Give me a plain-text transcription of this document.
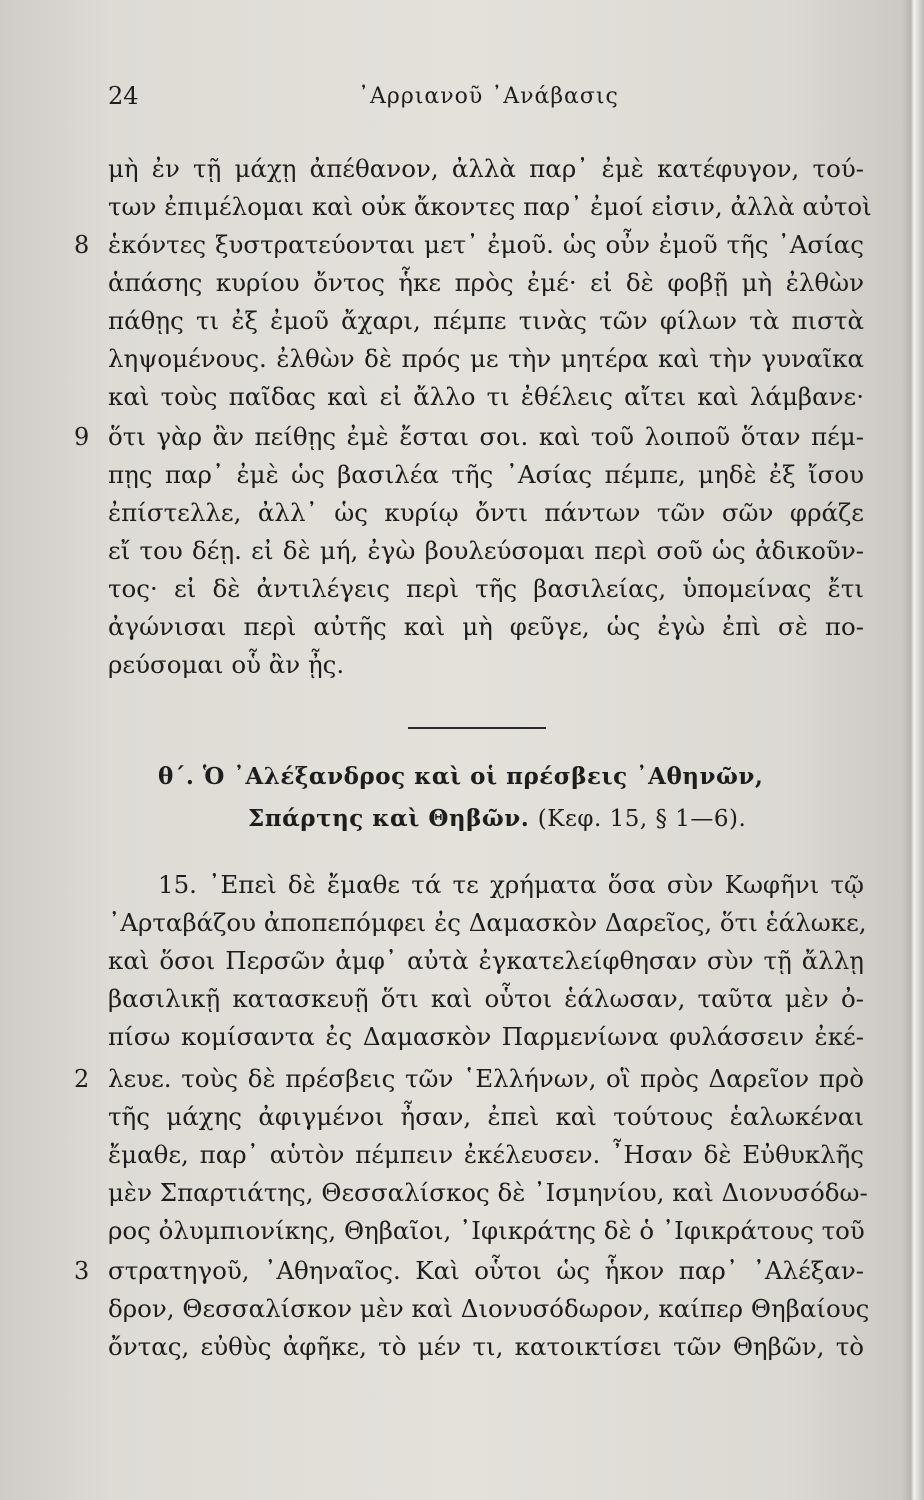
24	᾿Αρριανοῦ ᾿Ανάβασις
μὴ ἐν τῇ μάχῃ ἀπέθανον, ἀλλὰ παρ᾿ ἐμὲ κατέφυγον, τού-
των ἐπιμέλομαι καὶ οὐκ ἄκοντες παρ᾿ ἐμοί εἰσιν, ἀλλὰ αὐτοὶ
ἑκόντες ξυστρατεύονται μετ᾿ ἐμοῦ. ὡς οὖν ἐμοῦ τῆς ᾿Ασίας
ἁπάσης κυρίου ὄντος ἧκε πρὸς ἐμέ· εἰ δὲ φοβῇ μὴ ἐλθὼν
πάθῃς τι ἐξ ἐμοῦ ἄχαρι, πέμπε τινὰς τῶν φίλων τὰ πιστὰ
ληψομένους. ἐλθὼν δὲ πρός με τὴν μητέρα καὶ τὴν γυναῖκα
καὶ τοὺς παῖδας καὶ εἰ ἄλλο τι ἐθέλεις αἴτει καὶ λάμβανε·
ὅτι γὰρ ἂν πείθῃς ἐμὲ ἔσται σοι. καὶ τοῦ λοιποῦ ὅταν πέμ-
πῃς παρ᾿ ἐμὲ ὡς βασιλέα τῆς ᾿Ασίας πέμπε, μηδὲ ἐξ ἴσου
ἐπίστελλε, ἀλλ᾿ ὡς κυρίῳ ὄντι πάντων τῶν σῶν φράζε
εἴ του δέῃ. εἰ δὲ μή, ἐγὼ βουλεύσομαι περὶ σοῦ ὡς ἀδικοῦν-
τος· εἰ δὲ ἀντιλέγεις περὶ τῆς βασιλείας, ὑπομείνας ἔτι
ἀγώνισαι περὶ αὐτῆς καὶ μὴ φεῦγε, ὡς ἐγὼ ἐπὶ σὲ πο-
ρεύσομαι οὗ ἂν ᾖς.
8
9
θ΄. Ὁ ᾿Αλέξανδρος καὶ οἱ πρέσβεις ᾿Αθηνῶν,
Σπάρτης καὶ Θηβῶν. (Κεφ. 15, § 1—6).
15. ᾿Επεὶ δὲ ἔμαθε τά τε χρήματα ὅσα σὺν Κωφῆνι τῷ
᾿Αρταβάζου ἀποπεπόμφει ἐς Δαμασκὸν Δαρεῖος, ὅτι ἑάλωκε,
καὶ ὅσοι Περσῶν ἀμφ᾿ αὐτὰ ἐγκατελείφθησαν σὺν τῇ ἄλλῃ
βασιλικῇ κατασκευῇ ὅτι καὶ οὗτοι ἑάλωσαν, ταῦτα μὲν ὀ-
πίσω κομίσαντα ἐς Δαμασκὸν Παρμενίωνα φυλάσσειν ἐκέ-
λευε. τοὺς δὲ πρέσβεις τῶν ῾Ελλήνων, οἳ πρὸς Δαρεῖον πρὸ
τῆς μάχης ἀφιγμένοι ἦσαν, ἐπεὶ καὶ τούτους ἑαλωκέναι
ἔμαθε, παρ᾿ αὑτὸν πέμπειν ἐκέλευσεν. ῏Ησαν δὲ Εὐθυκλῆς
μὲν Σπαρτιάτης, Θεσσαλίσκος δὲ ᾿Ισμηνίου, καὶ Διονυσόδω-
ρος ὀλυμπιονίκης, Θηβαῖοι, ᾿Ιφικράτης δὲ ὁ ᾿Ιφικράτους τοῦ
στρατηγοῦ, ᾿Αθηναῖος. Καὶ οὗτοι ὡς ἧκον παρ᾿ ᾿Αλέξαν-
δρον, Θεσσαλίσκον μὲν καὶ Διονυσόδωρον, καίπερ Θηβαίους
ὄντας, εὐθὺς ἀφῆκε, τὸ μέν τι, κατοικτίσει τῶν Θηβῶν, τὸ
2
3
